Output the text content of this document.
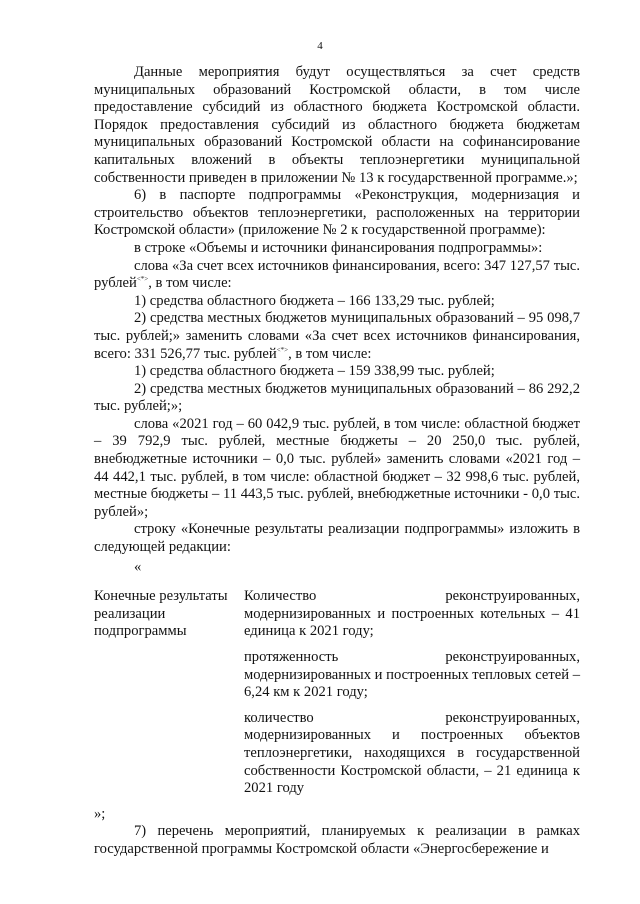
4

Данные мероприятия будут осуществляться за счет средств муниципальных образований Костромской области, в том числе предоставление субсидий из областного бюджета Костромской области. Порядок предоставления субсидий из областного бюджета бюджетам муниципальных образований Костромской области на софинансирование капитальных вложений в объекты теплоэнергетики муниципальной собственности приведен в приложении № 13 к государственной программе.»;

6) в паспорте подпрограммы «Реконструкция, модернизация и строительство объектов теплоэнергетики, расположенных на территории Костромской области» (приложение № 2 к государственной программе):

в строке «Объемы и источники финансирования подпрограммы»:

слова «За счет всех источников финансирования, всего: 347 127,57 тыс. рублей<*>, в том числе:

1) средства областного бюджета – 166 133,29 тыс. рублей;

2) средства местных бюджетов муниципальных образований – 95 098,7 тыс. рублей;» заменить словами «За счет всех источников финансирования, всего: 331 526,77 тыс. рублей<*>, в том числе:

1) средства областного бюджета – 159 338,99 тыс. рублей;

2) средства местных бюджетов муниципальных образований – 86 292,2 тыс. рублей;»;

слова «2021 год – 60 042,9 тыс. рублей, в том числе: областной бюджет – 39 792,9 тыс. рублей, местные бюджеты – 20 250,0 тыс. рублей, внебюджетные источники – 0,0 тыс. рублей» заменить словами «2021 год – 44 442,1 тыс. рублей, в том числе: областной бюджет – 32 998,6 тыс. рублей, местные бюджеты – 11 443,5 тыс. рублей, внебюджетные источники - 0,0 тыс. рублей»;

строку «Конечные результаты реализации подпрограммы» изложить в следующей редакции:

«

Конечные результаты реализации подпрограммы

Количество реконструированных, модернизированных и построенных котельных – 41 единица к 2021 году;

протяженность реконструированных, модернизированных и построенных тепловых сетей – 6,24 км к 2021 году;

количество реконструированных, модернизированных и построенных объектов теплоэнергетики, находящихся в государственной собственности Костромской области, – 21 единица к 2021 году

»;

7) перечень мероприятий, планируемых к реализации в рамках государственной программы Костромской области «Энергосбережение и
